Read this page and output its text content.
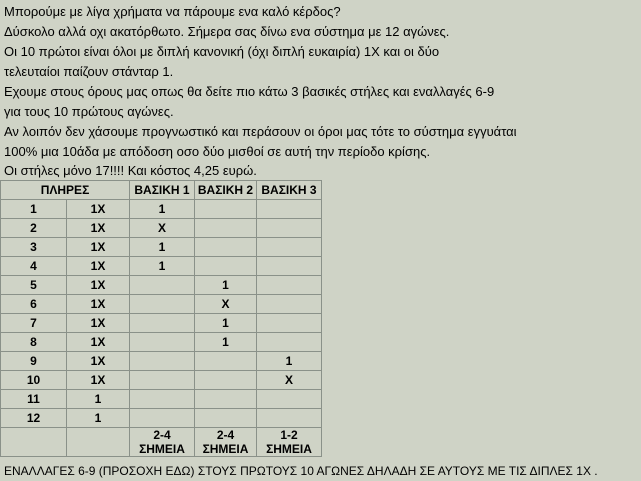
Μπορούμε με λίγα χρήματα να πάρουμε ενα καλό κέρδος?
Δύσκολο αλλά οχι ακατόρθωτο. Σήμερα σας δίνω ενα σύστημα με 12 αγώνες.
Οι 10 πρώτοι είναι όλοι με διπλή κανονική (όχι διπλή ευκαιρία) 1Χ και οι δύο
τελευταίοι παίζουν στάνταρ 1.
Εχουμε στους όρους μας οπως θα δείτε πιο κάτω 3 βασικές στήλες και εναλλαγές 6-9
για τους 10 πρώτους αγώνες.
Αν λοιπόν δεν χάσουμε προγνωστικό και περάσουν οι όροι μας τότε το σύστημα εγγυάται
100% μια 10άδα με απόδοση οσο δύο μισθοί σε αυτή την περίοδο κρίσης.
Οι στήλες μόνο 17!!!! Και κόστος 4,25 ευρώ.
ΠΛΗΡΕΣ		ΒΑΣΙΚΗ 1	ΒΑΣΙΚΗ 2	ΒΑΣΙΚΗ 3
1	1Χ	1		
2	1Χ	Χ		
3	1Χ	1		
4	1Χ	1		
5	1Χ		1	
6	1Χ		Χ	
7	1Χ		1	
8	1Χ		1	
9	1Χ			1
10	1Χ			Χ
11	1			
12	1			
		2-4 ΣΗΜΕΙΑ	2-4 ΣΗΜΕΙΑ	1-2 ΣΗΜΕΙΑ
ΕΝΑΛΛΑΓΕΣ 6-9 (ΠΡΟΣΟΧΗ ΕΔΩ) ΣΤΟΥΣ ΠΡΩΤΟΥΣ 10 ΑΓΩΝΕΣ ΔΗΛΑΔΗ ΣΕ ΑΥΤΟΥΣ ΜΕ ΤΙΣ ΔΙΠΛΕΣ 1Χ .
